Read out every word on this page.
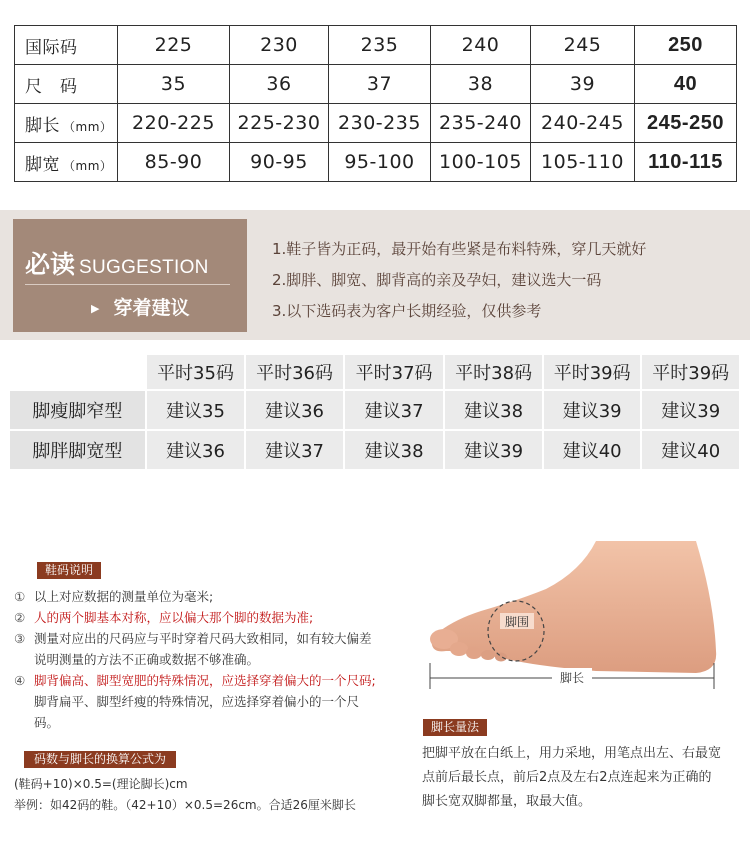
国际码	225	230	235	240	245	250
尺　码	35	36	37	38	39	40
脚长 （mm）	220-225	225-230	230-235	235-240	240-245	245-250
脚宽 （mm）	85-90	90-95	95-100	100-105	105-110	110-115
必读 SUGGESTION
▶ 穿着建议
1.鞋子皆为正码，最开始有些紧是布料特殊，穿几天就好
2.脚胖、脚宽、脚背高的亲及孕妇，建议选大一码
3.以下选码表为客户长期经验，仅供参考
	平时35码	平时36码	平时37码	平时38码	平时39码	平时39码
脚瘦脚窄型	建议35	建议36	建议37	建议38	建议39	建议39
脚胖脚宽型	建议36	建议37	建议38	建议39	建议40	建议40
鞋码说明
① 以上对应数据的测量单位为毫米;
② 人的两个脚基本对称，应以偏大那个脚的数据为准;
③ 测量对应出的尺码应与平时穿着尺码大致相同，如有较大偏差说明测量的方法不正确或数据不够准确。
④ 脚背偏高、脚型宽肥的特殊情况，应选择穿着偏大的一个尺码;脚背扁平、脚型纤瘦的特殊情况，应选择穿着偏小的一个尺码。
码数与脚长的换算公式为
(鞋码+10)×0.5=(理论脚长)cm
举例：如42码的鞋。（42+10）×0.5=26cm。合适26厘米脚长
脚围
脚长
脚长量法
把脚平放在白纸上，用力采地，用笔点出左、右最宽点前后最长点，前后2点及左右2点连起来为正确的脚长宽双脚都量，取最大值。
